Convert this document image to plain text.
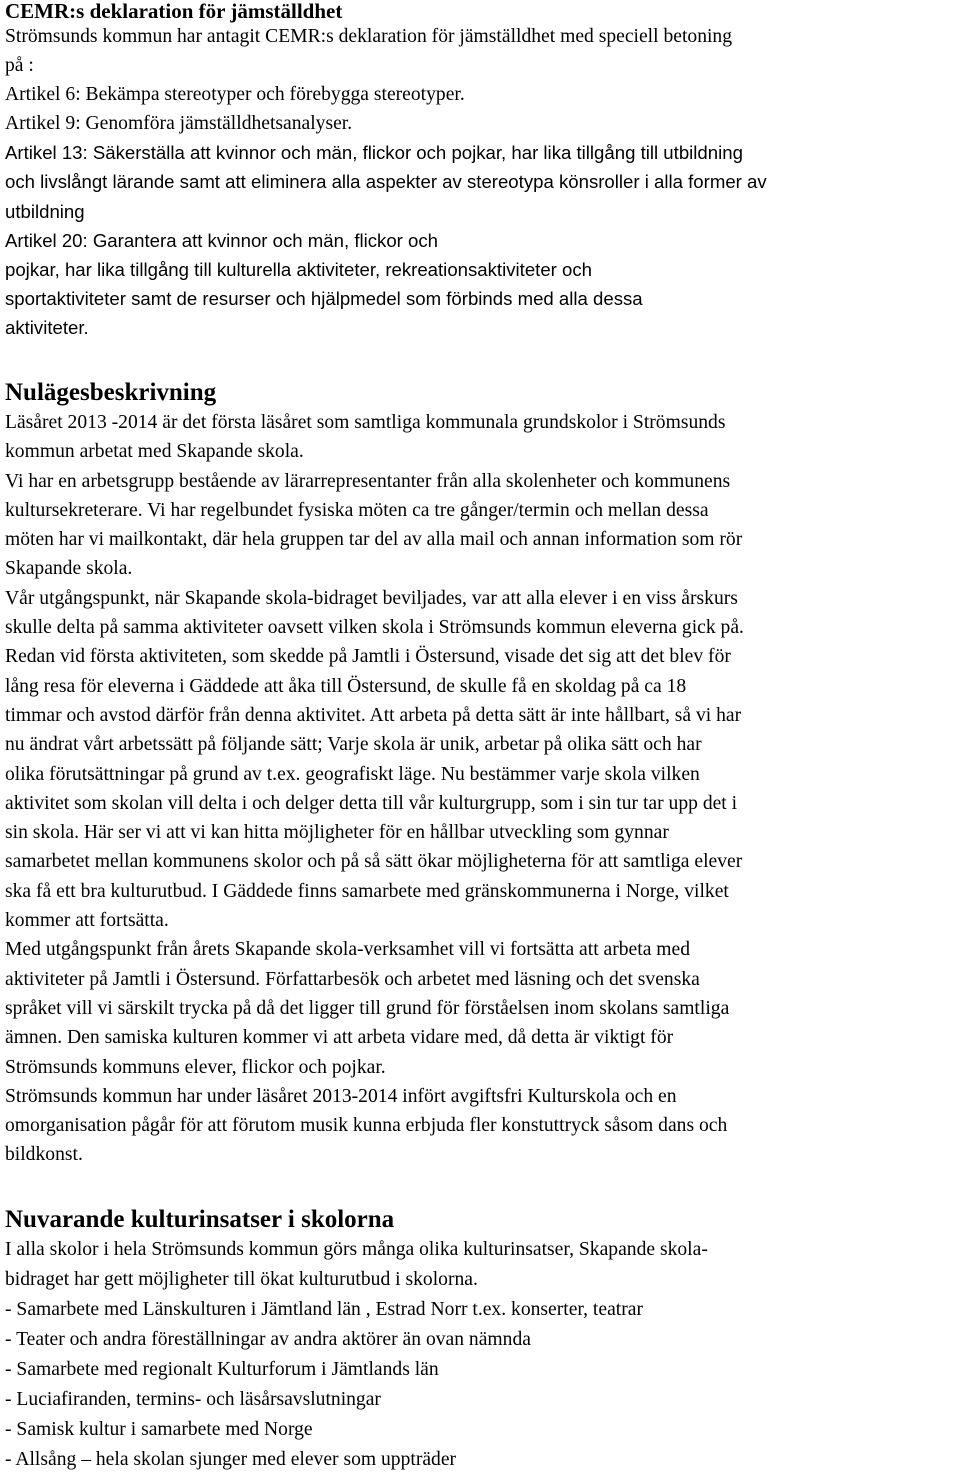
CEMR:s deklaration för jämställdhet
Strömsunds kommun har antagit CEMR:s deklaration för jämställdhet med speciell betoning
på :
Artikel 6: Bekämpa stereotyper och förebygga stereotyper.
Artikel 9: Genomföra jämställdhetsanalyser.
Artikel 13: Säkerställa att kvinnor och män, flickor och pojkar, har lika tillgång till utbildning
och livslångt lärande samt att eliminera alla aspekter av stereotypa könsroller i alla former av
utbildning
Artikel 20: Garantera att kvinnor och män, flickor och
pojkar, har lika tillgång till kulturella aktiviteter, rekreationsaktiviteter och
sportaktiviteter samt de resurser och hjälpmedel som förbinds med alla dessa
aktiviteter.
Nulägesbeskrivning
Läsåret 2013 -2014 är det första läsåret som samtliga kommunala grundskolor i Strömsunds
kommun arbetat med Skapande skola.
Vi har en arbetsgrupp bestående av lärarrepresentanter från alla skolenheter och kommunens
kultursekreterare. Vi har regelbundet fysiska möten ca tre gånger/termin och mellan dessa
möten har vi mailkontakt, där hela gruppen tar del av alla mail och annan information som rör
Skapande skola.
Vår utgångspunkt, när Skapande skola-bidraget beviljades, var att alla elever i en viss årskurs
skulle delta på samma aktiviteter oavsett vilken skola i Strömsunds kommun eleverna gick på.
Redan vid första aktiviteten, som skedde på Jamtli i Östersund, visade det sig att det blev för
lång resa för eleverna i Gäddede att åka till Östersund, de skulle få en skoldag på ca 18
timmar och avstod därför från denna aktivitet. Att arbeta på detta sätt är inte hållbart, så vi har
nu ändrat vårt arbetssätt på följande sätt; Varje skola är unik, arbetar på olika sätt och har
olika förutsättningar på grund av t.ex. geografiskt läge. Nu bestämmer varje skola vilken
aktivitet som skolan vill delta i och delger detta till vår kulturgrupp, som i sin tur tar upp det i
sin skola. Här ser vi att vi kan hitta möjligheter för en hållbar utveckling som gynnar
samarbetet mellan kommunens skolor och på så sätt ökar möjligheterna för att samtliga elever
ska få ett bra kulturutbud. I Gäddede finns samarbete med gränskommunerna i Norge, vilket
kommer att fortsätta.
Med utgångspunkt från årets Skapande skola-verksamhet vill vi fortsätta att arbeta med
aktiviteter på Jamtli i Östersund. Författarbesök och arbetet med läsning och det svenska
språket vill vi särskilt trycka på då det ligger till grund för förståelsen inom skolans samtliga
ämnen. Den samiska kulturen kommer vi att arbeta vidare med, då detta är viktigt för
Strömsunds kommuns elever, flickor och pojkar.
Strömsunds kommun har under läsåret 2013-2014 infört avgiftsfri Kulturskola och en
omorganisation pågår för att förutom musik kunna erbjuda fler konstuttryck såsom dans och
bildkonst.
Nuvarande kulturinsatser i skolorna
I alla skolor i hela Strömsunds kommun görs många olika kulturinsatser, Skapande skola-
bidraget har gett möjligheter till ökat kulturutbud i skolorna.
- Samarbete med Länskulturen i Jämtland län , Estrad Norr t.ex. konserter, teatrar
- Teater och andra föreställningar av andra aktörer än ovan nämnda
- Samarbete med regionalt Kulturforum i Jämtlands län
- Luciafiranden, termins- och läsårsavslutningar
- Samisk kultur i samarbete med Norge
- Allsång – hela skolan sjunger med elever som uppträder
